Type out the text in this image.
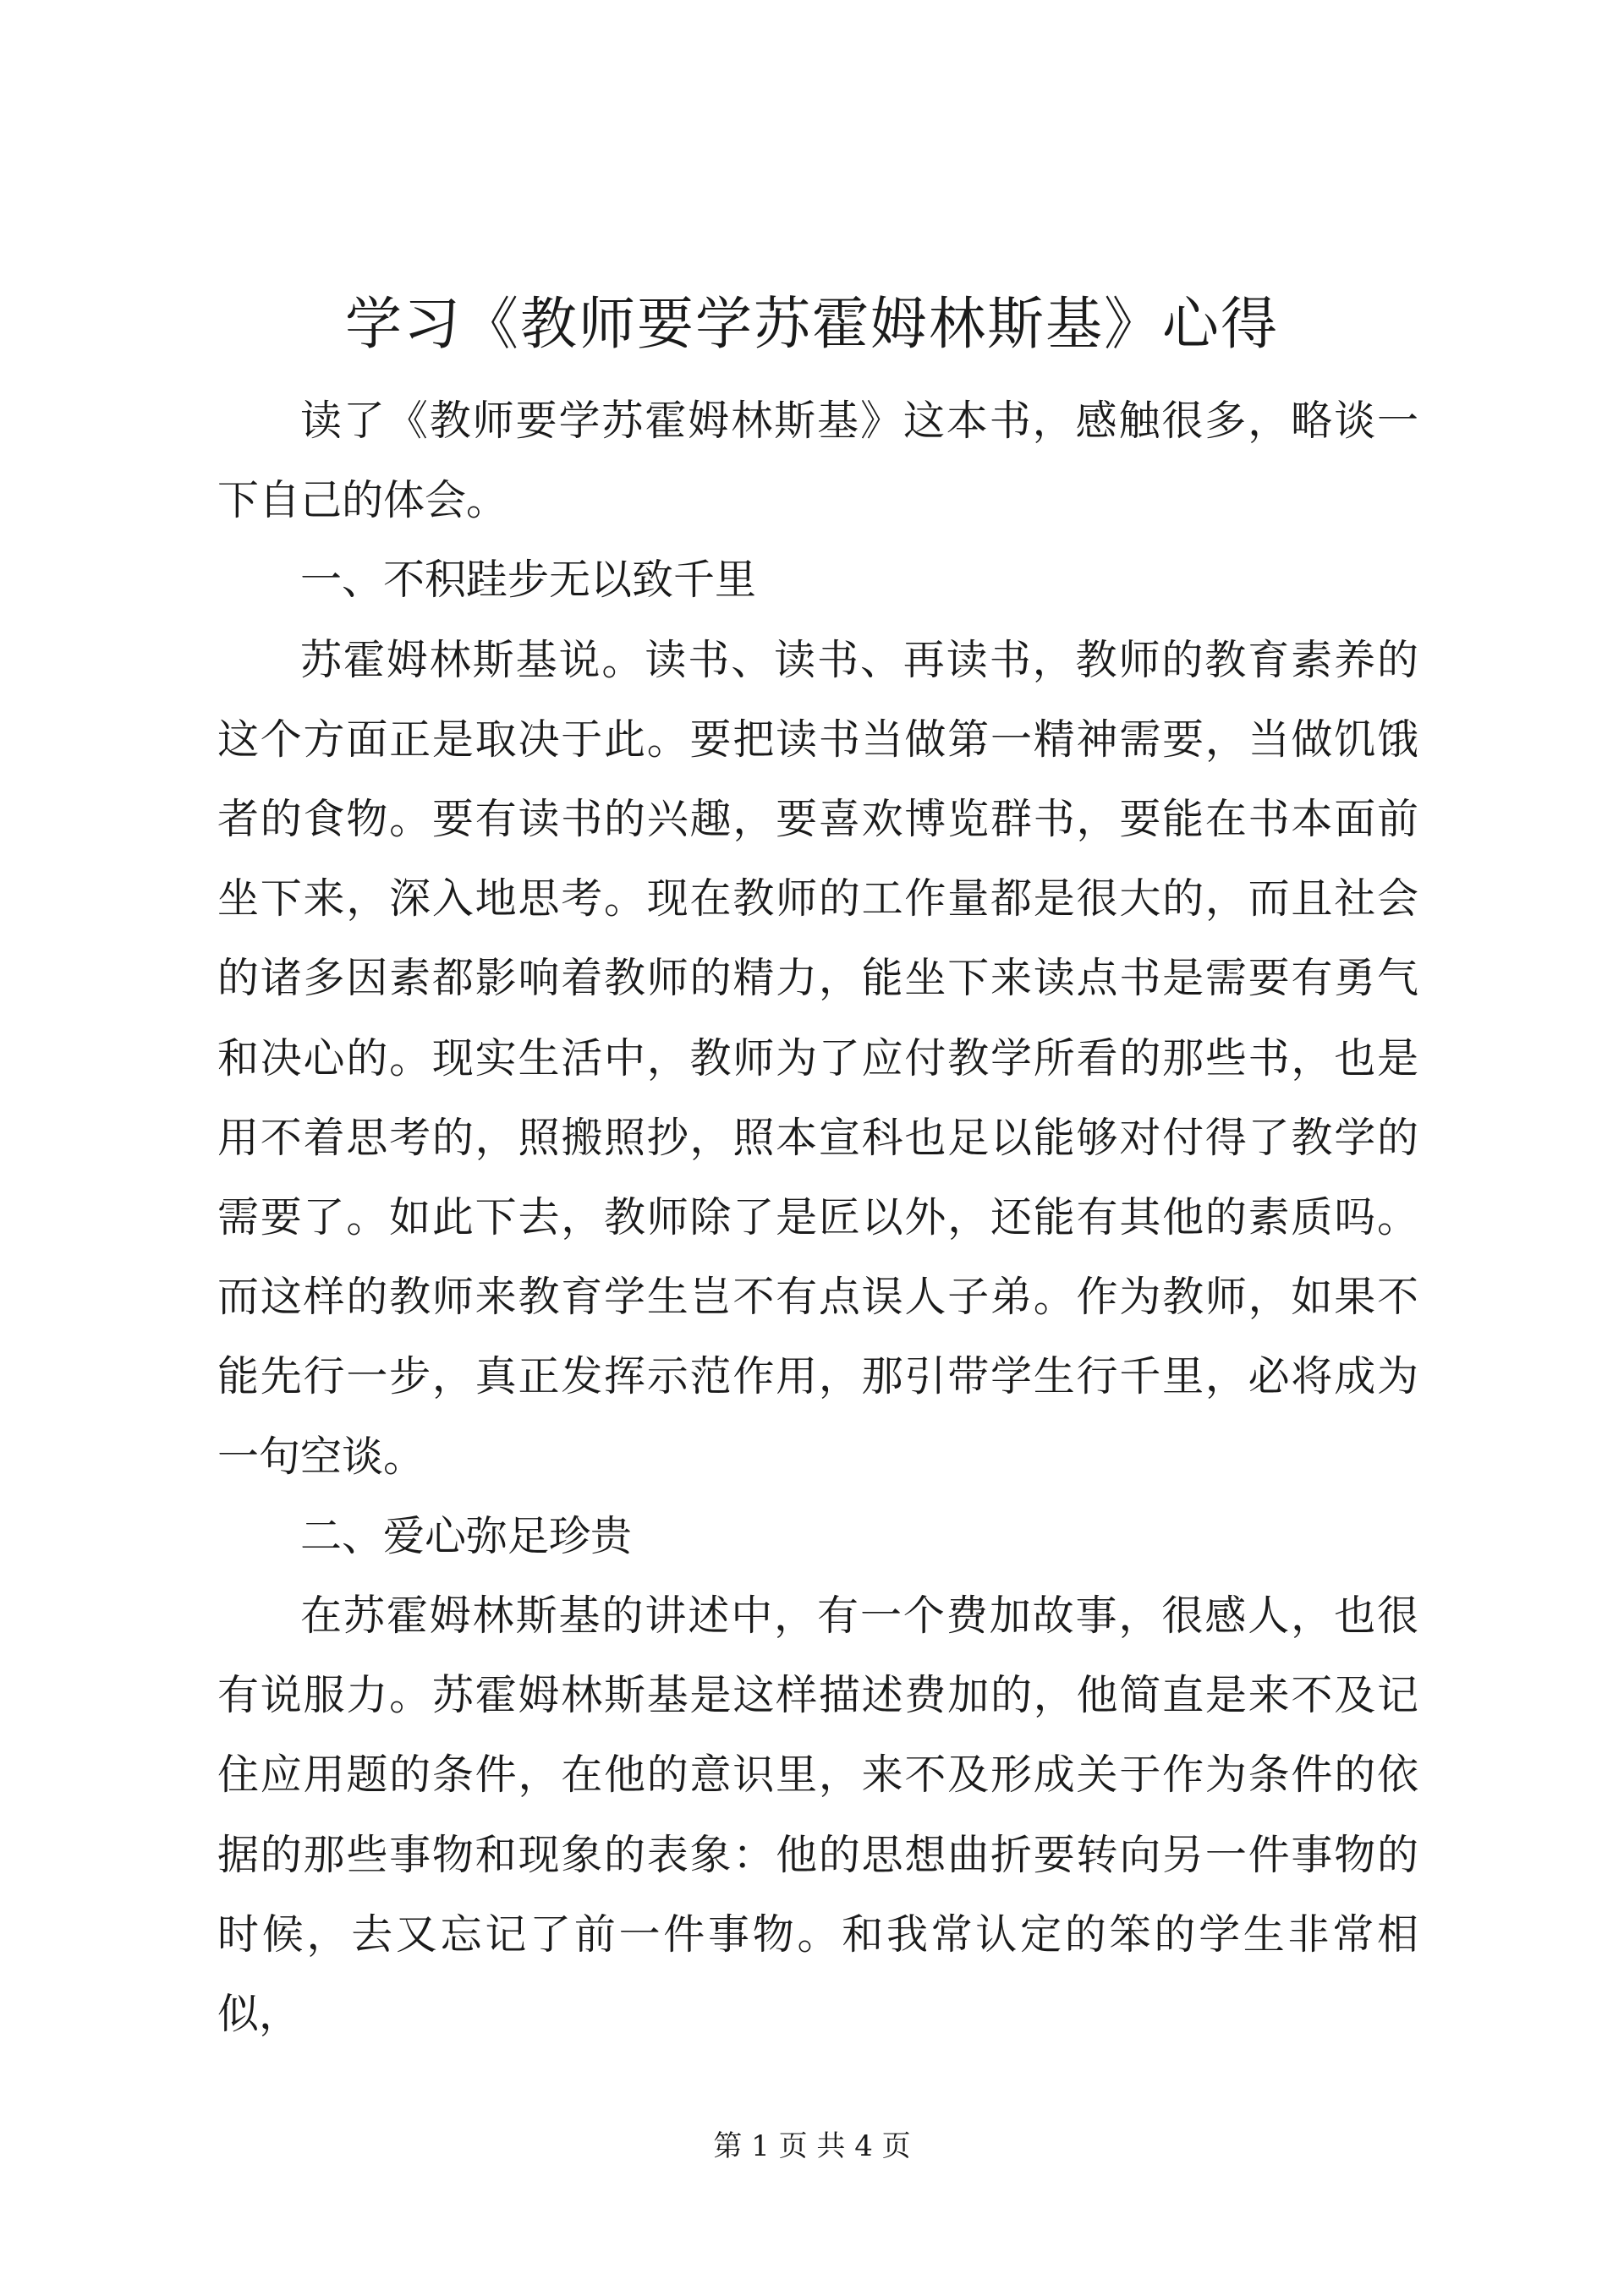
学习《教师要学苏霍姆林斯基》心得

读了《教师要学苏霍姆林斯基》这本书，感触很多，略谈一下自己的体会。

一、不积跬步无以致千里

苏霍姆林斯基说。读书、读书、再读书，教师的教育素养的这个方面正是取决于此。要把读书当做第一精神需要，当做饥饿者的食物。要有读书的兴趣，要喜欢博览群书，要能在书本面前坐下来，深入地思考。现在教师的工作量都是很大的，而且社会的诸多因素都影响着教师的精力，能坐下来读点书是需要有勇气和决心的。现实生活中，教师为了应付教学所看的那些书，也是用不着思考的，照搬照抄，照本宣科也足以能够对付得了教学的需要了。如此下去，教师除了是匠以外，还能有其他的素质吗。而这样的教师来教育学生岂不有点误人子弟。作为教师，如果不能先行一步，真正发挥示范作用，那引带学生行千里，必将成为一句空谈。

二、爱心弥足珍贵

在苏霍姆林斯基的讲述中，有一个费加故事，很感人，也很有说服力。苏霍姆林斯基是这样描述费加的，他简直是来不及记住应用题的条件，在他的意识里，来不及形成关于作为条件的依据的那些事物和现象的表象：他的思想曲折要转向另一件事物的时候，去又忘记了前一件事物。和我常认定的笨的学生非常相似，

第 1 页 共 4 页
